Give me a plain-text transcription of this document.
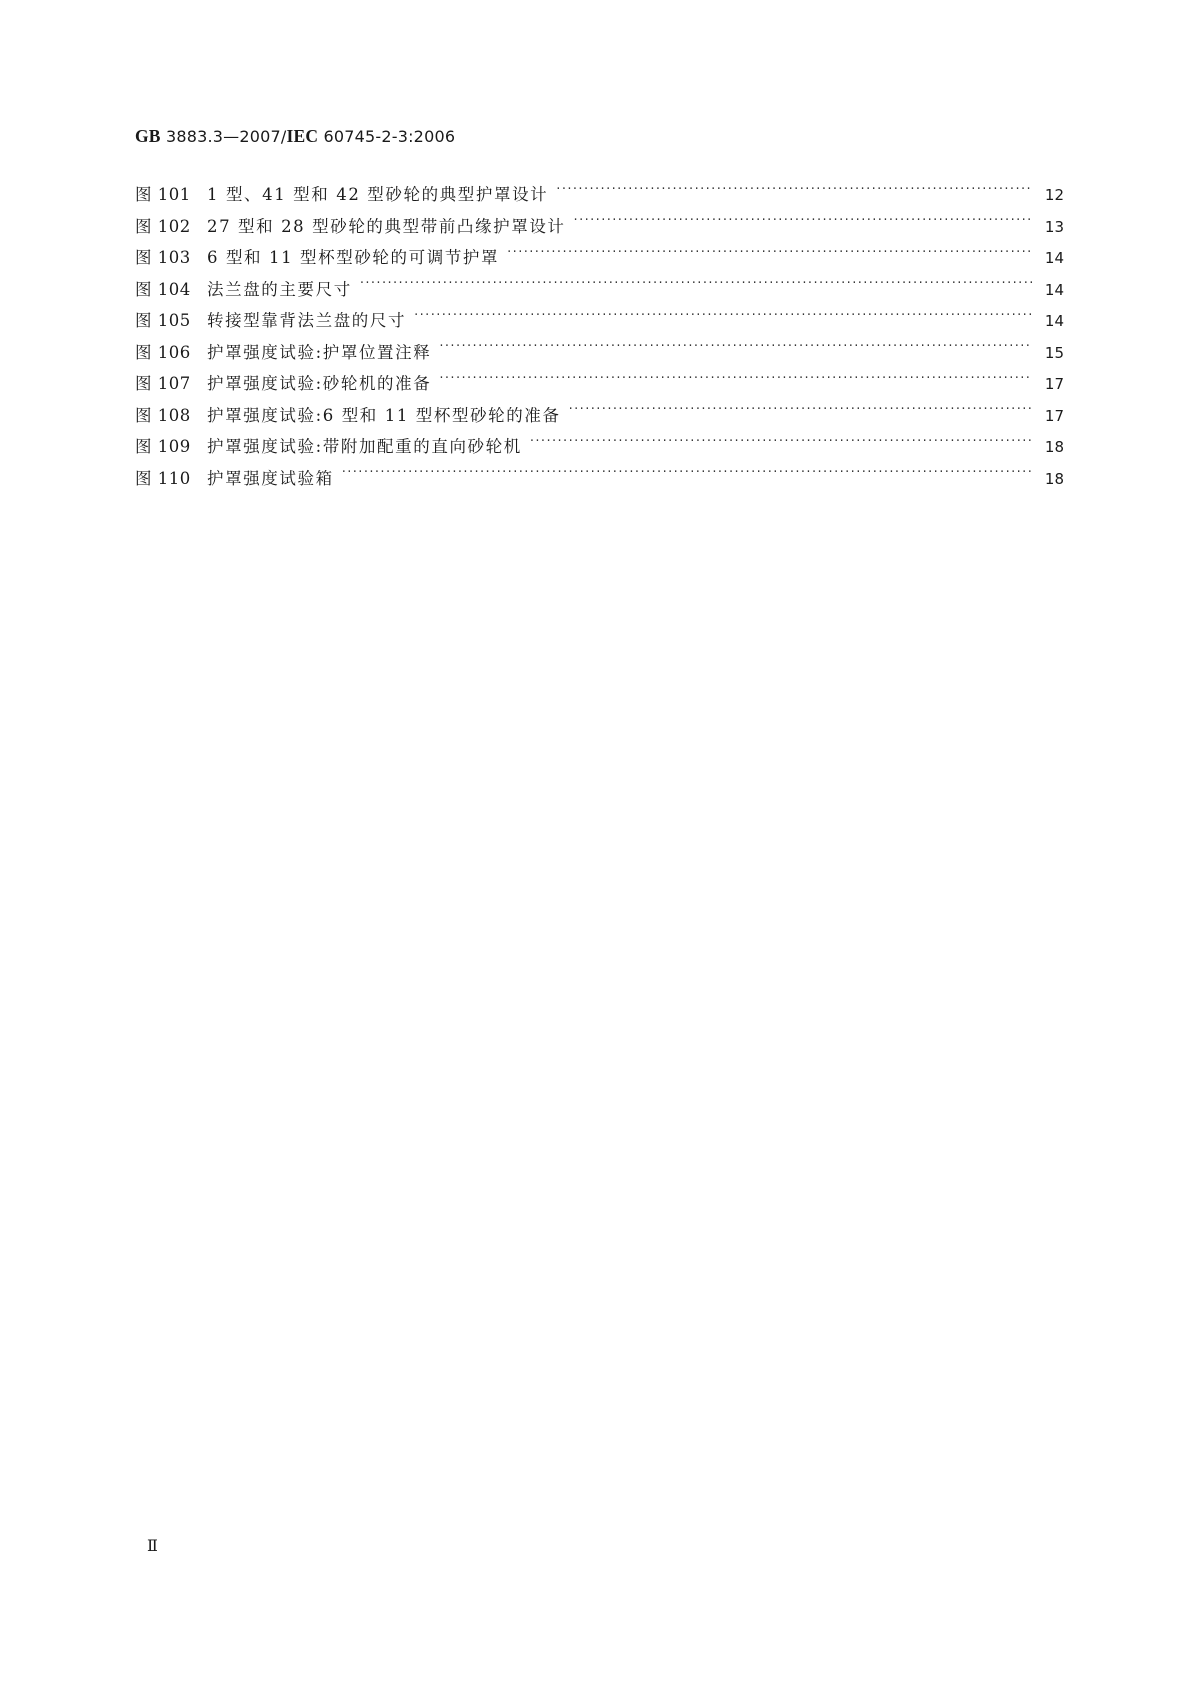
GB 3883.3—2007/IEC 60745-2-3:2006
图 101 1 型、41 型和 42 型砂轮的典型护罩设计 ·····	12
图 102 27 型和 28 型砂轮的典型带前凸缘护罩设计 ·····	13
图 103 6 型和 11 型杯型砂轮的可调节护罩 ·····	14
图 104 法兰盘的主要尺寸 ·····	14
图 105 转接型靠背法兰盘的尺寸 ·····	14
图 106 护罩强度试验:护罩位置注释 ·····	15
图 107 护罩强度试验:砂轮机的准备 ·····	17
图 108 护罩强度试验:6 型和 11 型杯型砂轮的准备 ·····	17
图 109 护罩强度试验:带附加配重的直向砂轮机 ·····	18
图 110 护罩强度试验箱 ·····	18
Ⅱ
